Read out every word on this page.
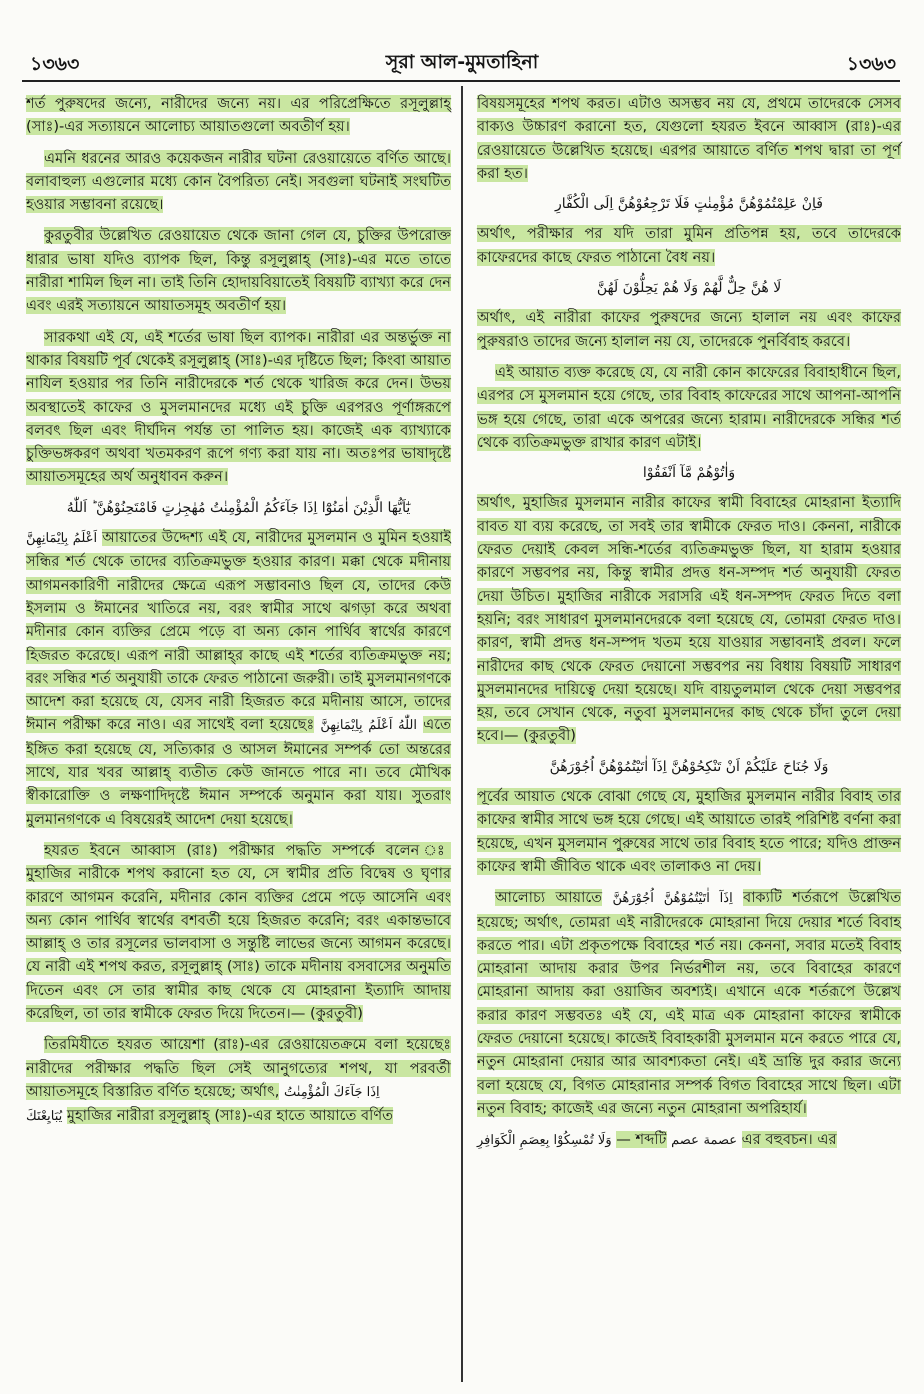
১৩৬৩	সূরা আল-মুমতাহিনা	১৩৬৩

শর্ত পুরুষদের জন্যে, নারীদের জন্যে নয়। এর পরিপ্রেক্ষিতে রসূলুল্লাহ্ (সাঃ)-এর সত্যায়নে আলোচ্য আয়াতগুলো অবতীর্ণ হয়।

এমনি ধরনের আরও কয়েকজন নারীর ঘটনা রেওয়ায়েতে বর্ণিত আছে। বলাবাহুল্য এগুলোর মধ্যে কোন বৈপরিত্য নেই। সবগুলা ঘটনাই সংঘটিত হওয়ার সম্ভাবনা রয়েছে।

কুরতুবীর উল্লেখিত রেওয়ায়েত থেকে জানা গেল যে, চুক্তির উপরোক্ত ধারার ভাষা যদিও ব্যাপক ছিল, কিন্তু রসূলুল্লাহ্ (সাঃ)-এর মতে তাতে নারীরা শামিল ছিল না। তাই তিনি হোদায়বিয়াতেই বিষয়টি ব্যাখ্যা করে দেন এবং এরই সত্যায়নে আয়াতসমূহ অবতীর্ণ হয়।

সারকথা এই যে, এই শর্তের ভাষা ছিল ব্যাপক। নারীরা এর অন্তর্ভুক্ত না থাকার বিষয়টি পূর্ব থেকেই রসূলুল্লাহ্ (সাঃ)-এর দৃষ্টিতে ছিল; কিংবা আয়াত নাযিল হওয়ার পর তিনি নারীদেরকে শর্ত থেকে খারিজ করে দেন। উভয় অবস্থাতেই কাফের ও মুসলমানদের মধ্যে এই চুক্তি এরপরও পূর্ণাঙ্গরূপে বলবৎ ছিল এবং দীর্ঘদিন পর্যন্ত তা পালিত হয়। কাজেই এক ব্যাখ্যাকে চুক্তিভঙ্গকরণ অথবা খতমকরণ রূপে গণ্য করা যায় না। অতঃপর ভাষাদৃষ্টে আয়াতসমূহের অর্থ অনুধাবন করুন।

يٰٓاَيُّهَا الَّذِيْنَ اٰمَنُوْٓا اِذَا جَآءَكُمُ الْمُؤْمِنٰتُ مُهٰجِرٰتٍ فَامْتَحِنُوْهُنَّ ؕ اَللّٰهُ

اَعْلَمُ بِاِيْمَانِهِنَّ আয়াতের উদ্দেশ্য এই যে, নারীদের মুসলমান ও মুমিন হওয়াই সন্ধির শর্ত থেকে তাদের ব্যতিক্রমভুক্ত হওয়ার কারণ। মক্কা থেকে মদীনায় আগমনকারিণী নারীদের ক্ষেত্রে এরূপ সম্ভাবনাও ছিল যে, তাদের কেউ ইসলাম ও ঈমানের খাতিরে নয়, বরং স্বামীর সাথে ঝগড়া করে অথবা মদীনার কোন ব্যক্তির প্রেমে পড়ে বা অন্য কোন পার্থিব স্বার্থের কারণে হিজরত করেছে। এরূপ নারী আল্লাহ্‌র কাছে এই শর্তের ব্যতিক্রমভুক্ত নয়; বরং সন্ধির শর্ত অনুযায়ী তাকে ফেরত পাঠানো জরুরী। তাই মুসলমানগণকে আদেশ করা হয়েছে যে, যেসব নারী হিজরত করে মদীনায় আসে, তাদের ঈমান পরীক্ষা করে নাও। এর সাথেই বলা হয়েছেঃ اللّٰهُ اَعْلَمُ بِاِيْمَانِهِنَّ এতে ইঙ্গিত করা হয়েছে যে, সত্যিকার ও আসল ঈমানের সম্পর্ক তো অন্তরের সাথে, যার খবর আল্লাহ্ ব্যতীত কেউ জানতে পারে না। তবে মৌখিক স্বীকারোক্তি ও লক্ষণাদিদৃষ্টে ঈমান সম্পর্কে অনুমান করা যায়। সুতরাং মুলমানগণকে এ বিষয়েরই আদেশ দেয়া হয়েছে।

হযরত ইবনে আব্বাস (রাঃ) পরীক্ষার পদ্ধতি সম্পর্কে বলেন ঃ মুহাজির নারীকে শপথ করানো হত যে, সে স্বামীর প্রতি বিদ্বেষ ও ঘৃণার কারণে আগমন করেনি, মদীনার কোন ব্যক্তির প্রেমে পড়ে আসেনি এবং অন্য কোন পার্থিব স্বার্থের বশবর্তী হয়ে হিজরত করেনি; বরং একান্তভাবে আল্লাহ্ ও তার রসূলের ভালবাসা ও সন্তুষ্টি লাভের জন্যে আগমন করেছে। যে নারী এই শপথ করত, রসূলুল্লাহ্ (সাঃ) তাকে মদীনায় বসবাসের অনুমতি দিতেন এবং সে তার স্বামীর কাছ থেকে যে মোহরানা ইত্যাদি আদায় করেছিল, তা তার স্বামীকে ফেরত দিয়ে দিতেন।— (কুরতুবী)

তিরমিযীতে হযরত আয়েশা (রাঃ)-এর রেওয়ায়েতক্রমে বলা হয়েছেঃ নারীদের পরীক্ষার পদ্ধতি ছিল সেই আনুগত্যের শপথ, যা পরবর্তী আয়াতসমূহে বিস্তারিত বর্ণিত হয়েছে; অর্থাৎ, اِذَا جَآءَكَ الْمُؤْمِنٰتُ
يُبَايِعْنَكَ মুহাজির নারীরা রসূলুল্লাহ্ (সাঃ)-এর হাতে আয়াতে বর্ণিত

বিষয়সমূহের শপথ করত। এটাও অসম্ভব নয় যে, প্রথমে তাদেরকে সেসব বাক্যও উচ্চারণ করানো হত, যেগুলো হযরত ইবনে আব্বাস (রাঃ)-এর রেওয়ায়েতে উল্লেখিত হয়েছে। এরপর আয়াতে বর্ণিত শপথ দ্বারা তা পূর্ণ করা হত।

فَاِنْ عَلِمْتُمُوْهُنَّ مُؤْمِنٰتٍ فَلَا تَرْجِعُوْهُنَّ اِلَى الْكُفَّارِ

অর্থাৎ, পরীক্ষার পর যদি তারা মুমিন প্রতিপন্ন হয়, তবে তাদেরকে কাফেরদের কাছে ফেরত পাঠানো বৈধ নয়।

لَا هُنَّ حِلٌّ لَّهُمْ وَلَا هُمْ يَحِلُّوْنَ لَهُنَّ

অর্থাৎ, এই নারীরা কাফের পুরুষদের জন্যে হালাল নয় এবং কাফের পুরুষরাও তাদের জন্যে হালাল নয় যে, তাদেরকে পুনর্বিবাহ করবে।

এই আয়াত ব্যক্ত করেছে যে, যে নারী কোন কাফেরের বিবাহাধীনে ছিল, এরপর সে মুসলমান হয়ে গেছে, তার বিবাহ কাফেরের সাথে আপনা-আপনি ভঙ্গ হয়ে গেছে, তারা একে অপরের জন্যে হারাম। নারীদেরকে সন্ধির শর্ত থেকে ব্যতিক্রমভুক্ত রাখার কারণ এটাই।

وَاٰتُوْهُمْ مَّآ اَنْفَقُوْا

অর্থাৎ, মুহাজির মুসলমান নারীর কাফের স্বামী বিবাহের মোহরানা ইত্যাদি বাবত যা ব্যয় করেছে, তা সবই তার স্বামীকে ফেরত দাও। কেননা, নারীকে ফেরত দেয়াই কেবল সন্ধি-শর্তের ব্যতিক্রমভুক্ত ছিল, যা হারাম হওয়ার কারণে সম্ভবপর নয়, কিন্তু স্বামীর প্রদত্ত ধন-সম্পদ শর্ত অনুযায়ী ফেরত দেয়া উচিত। মুহাজির নারীকে সরাসরি এই ধন-সম্পদ ফেরত দিতে বলা হয়নি; বরং সাধারণ মুসলমানদেরকে বলা হয়েছে যে, তোমরা ফেরত দাও। কারণ, স্বামী প্রদত্ত ধন-সম্পদ খতম হয়ে যাওয়ার সম্ভাবনাই প্রবল। ফলে নারীদের কাছ থেকে ফেরত দেয়ানো সম্ভবপর নয় বিধায় বিষয়টি সাধারণ মুসলমানদের দায়িত্বে দেয়া হয়েছে। যদি বায়তুলমাল থেকে দেয়া সম্ভবপর হয়, তবে সেখান থেকে, নতুবা মুসলমানদের কাছ থেকে চাঁদা তুলে দেয়া হবে।— (কুরতুবী)

وَلَا جُنَاحَ عَلَيْكُمْ اَنْ تَنْكِحُوْهُنَّ اِذَآ اٰتَيْتُمُوْهُنَّ اُجُوْرَهُنَّ

পূর্বের আয়াত থেকে বোঝা গেছে যে, মুহাজির মুসলমান নারীর বিবাহ তার কাফের স্বামীর সাথে ভঙ্গ হয়ে গেছে। এই আয়াতে তারই পরিশিষ্ট বর্ণনা করা হয়েছে, এখন মুসলমান পুরুষের সাথে তার বিবাহ হতে পারে; যদিও প্রাক্তন কাফের স্বামী জীবিত থাকে এবং তালাকও না দেয়।

আলোচ্য আয়াতে اِذَآ اٰتَيْتُمُوْهُنَّ اُجُوْرَهُنَّ বাক্যটি শর্তরূপে উল্লেখিত হয়েছে; অর্থাৎ, তোমরা এই নারীদেরকে মোহরানা দিয়ে দেয়ার শর্তে বিবাহ করতে পার। এটা প্রকৃতপক্ষে বিবাহের শর্ত নয়। কেননা, সবার মতেই বিবাহ মোহরানা আদায় করার উপর নির্ভরশীল নয়, তবে বিবাহের কারণে মোহরানা আদায় করা ওয়াজিব অবশ্যই। এখানে একে শর্তরূপে উল্লেখ করার কারণ সম্ভবতঃ এই যে, এই মাত্র এক মোহরানা কাফের স্বামীকে ফেরত দেয়ানো হয়েছে। কাজেই বিবাহকারী মুসলমান মনে করতে পারে যে, নতুন মোহরানা দেয়ার আর আবশ্যকতা নেই। এই ভ্রান্তি দুর করার জন্যে বলা হয়েছে যে, বিগত মোহরানার সম্পর্ক বিগত বিবাহের সাথে ছিল। এটা নতুন বিবাহ; কাজেই এর জন্যে নতুন মোহরানা অপরিহার্য।

وَلَا تُمْسِكُوْا بِعِصَمِ الْكَوَافِرِ — শব্দটি عصم عصمة এর বহুবচন। এর
